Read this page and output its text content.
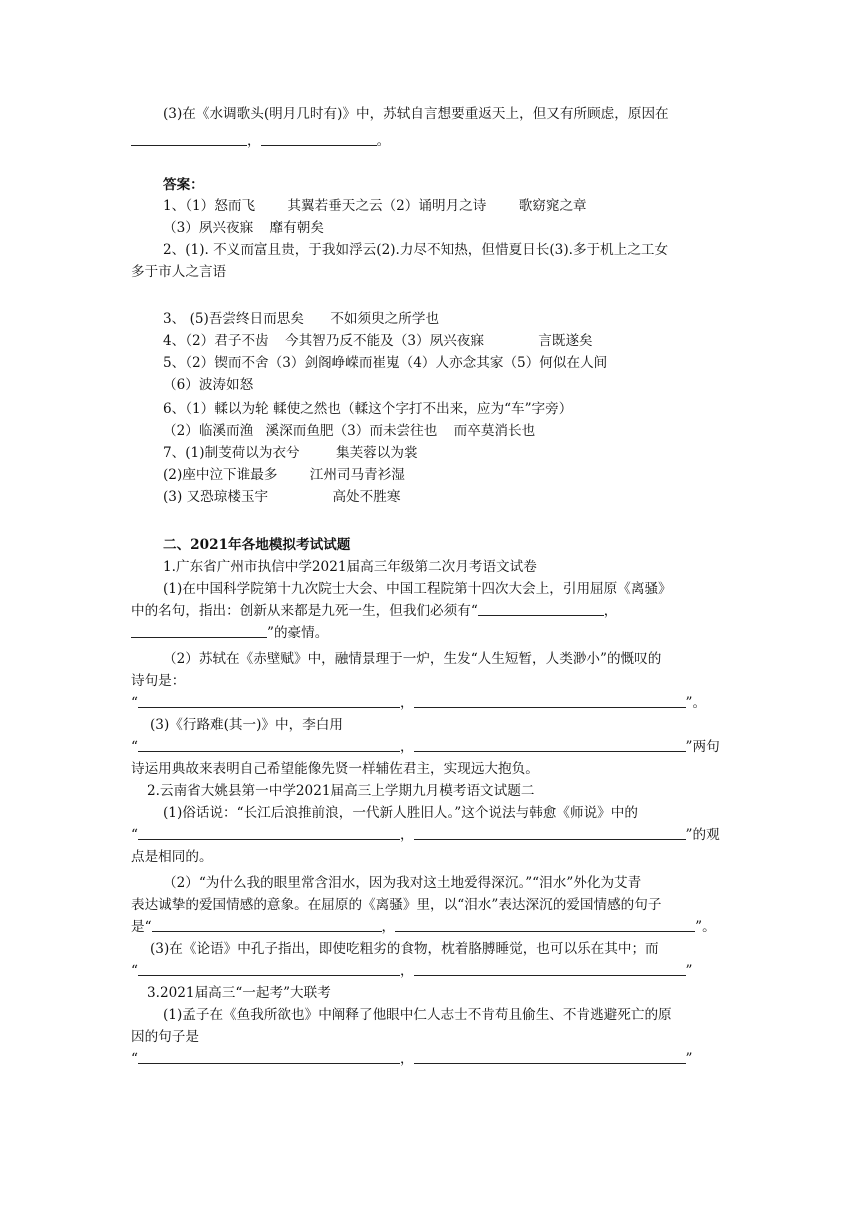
(3)在《水调歌头(明月几时有)》中，苏轼自言想要重返天上，但又有所顾虑，原因在
，	。
答案：
1、（1）怒而飞 其翼若垂天之云（2）诵明月之诗 歌窈窕之章
（3）夙兴夜寐 靡有朝矣
2、(1). 不义而富且贵，于我如浮云(2).力尽不知热，但惜夏日长(3).多于机上之工女
多于市人之言语
3、 (5)吾尝终日而思矣 不如须臾之所学也
4、（2）君子不齿 今其智乃反不能及（3）夙兴夜寐	言既遂矣
5、（2）锲而不舍（3）剑阁峥嵘而崔嵬（4）人亦念其家（5）何似在人间
（6）波涛如怒
6、（1）輮以为轮 輮使之然也（輮这个字打不出来，应为“车”字旁）
（2）临溪而渔 溪深而鱼肥（3）而未尝往也 而卒莫消长也
7、(1)制芰荷以为衣兮	集芙蓉以为裳
(2)座中泣下谁最多 江州司马青衫湿
(3) 又恐琼楼玉宇	高处不胜寒
二、2021年各地模拟考试试题
1.广东省广州市执信中学2021届高三年级第二次月考语文试卷
(1)在中国科学院第十九次院士大会、中国工程院第十四次大会上，引用屈原《离骚》
中的名句，指出：创新从来都是九死一生，但我们必须有“	，
”的豪情。
（2）苏轼在《赤壁赋》中，融情景理于一炉，生发“人生短暂，人类渺小”的慨叹的
诗句是：
“	，	”。
(3)《行路难(其一)》中，李白用
“	，	”两句
诗运用典故来表明自己希望能像先贤一样辅佐君主，实现远大抱负。
2.云南省大姚县第一中学2021届高三上学期九月模考语文试题二
(1)俗话说：“长江后浪推前浪，一代新人胜旧人。”这个说法与韩愈《师说》中的
“	，	”的观
点是相同的。
（2）“为什么我的眼里常含泪水，因为我对这土地爱得深沉。”“泪水”外化为艾青
表达诚挚的爱国情感的意象。在屈原的《离骚》里，以“泪水”表达深沉的爱国情感的句子
是“	，	”。
(3)在《论语》中孔子指出，即使吃粗劣的食物，枕着胳膊睡觉，也可以乐在其中；而
“	，	”
3.2021届高三“一起考”大联考
(1)孟子在《鱼我所欲也》中阐释了他眼中仁人志士不肯苟且偷生、不肯逃避死亡的原
因的句子是
“	，	”
